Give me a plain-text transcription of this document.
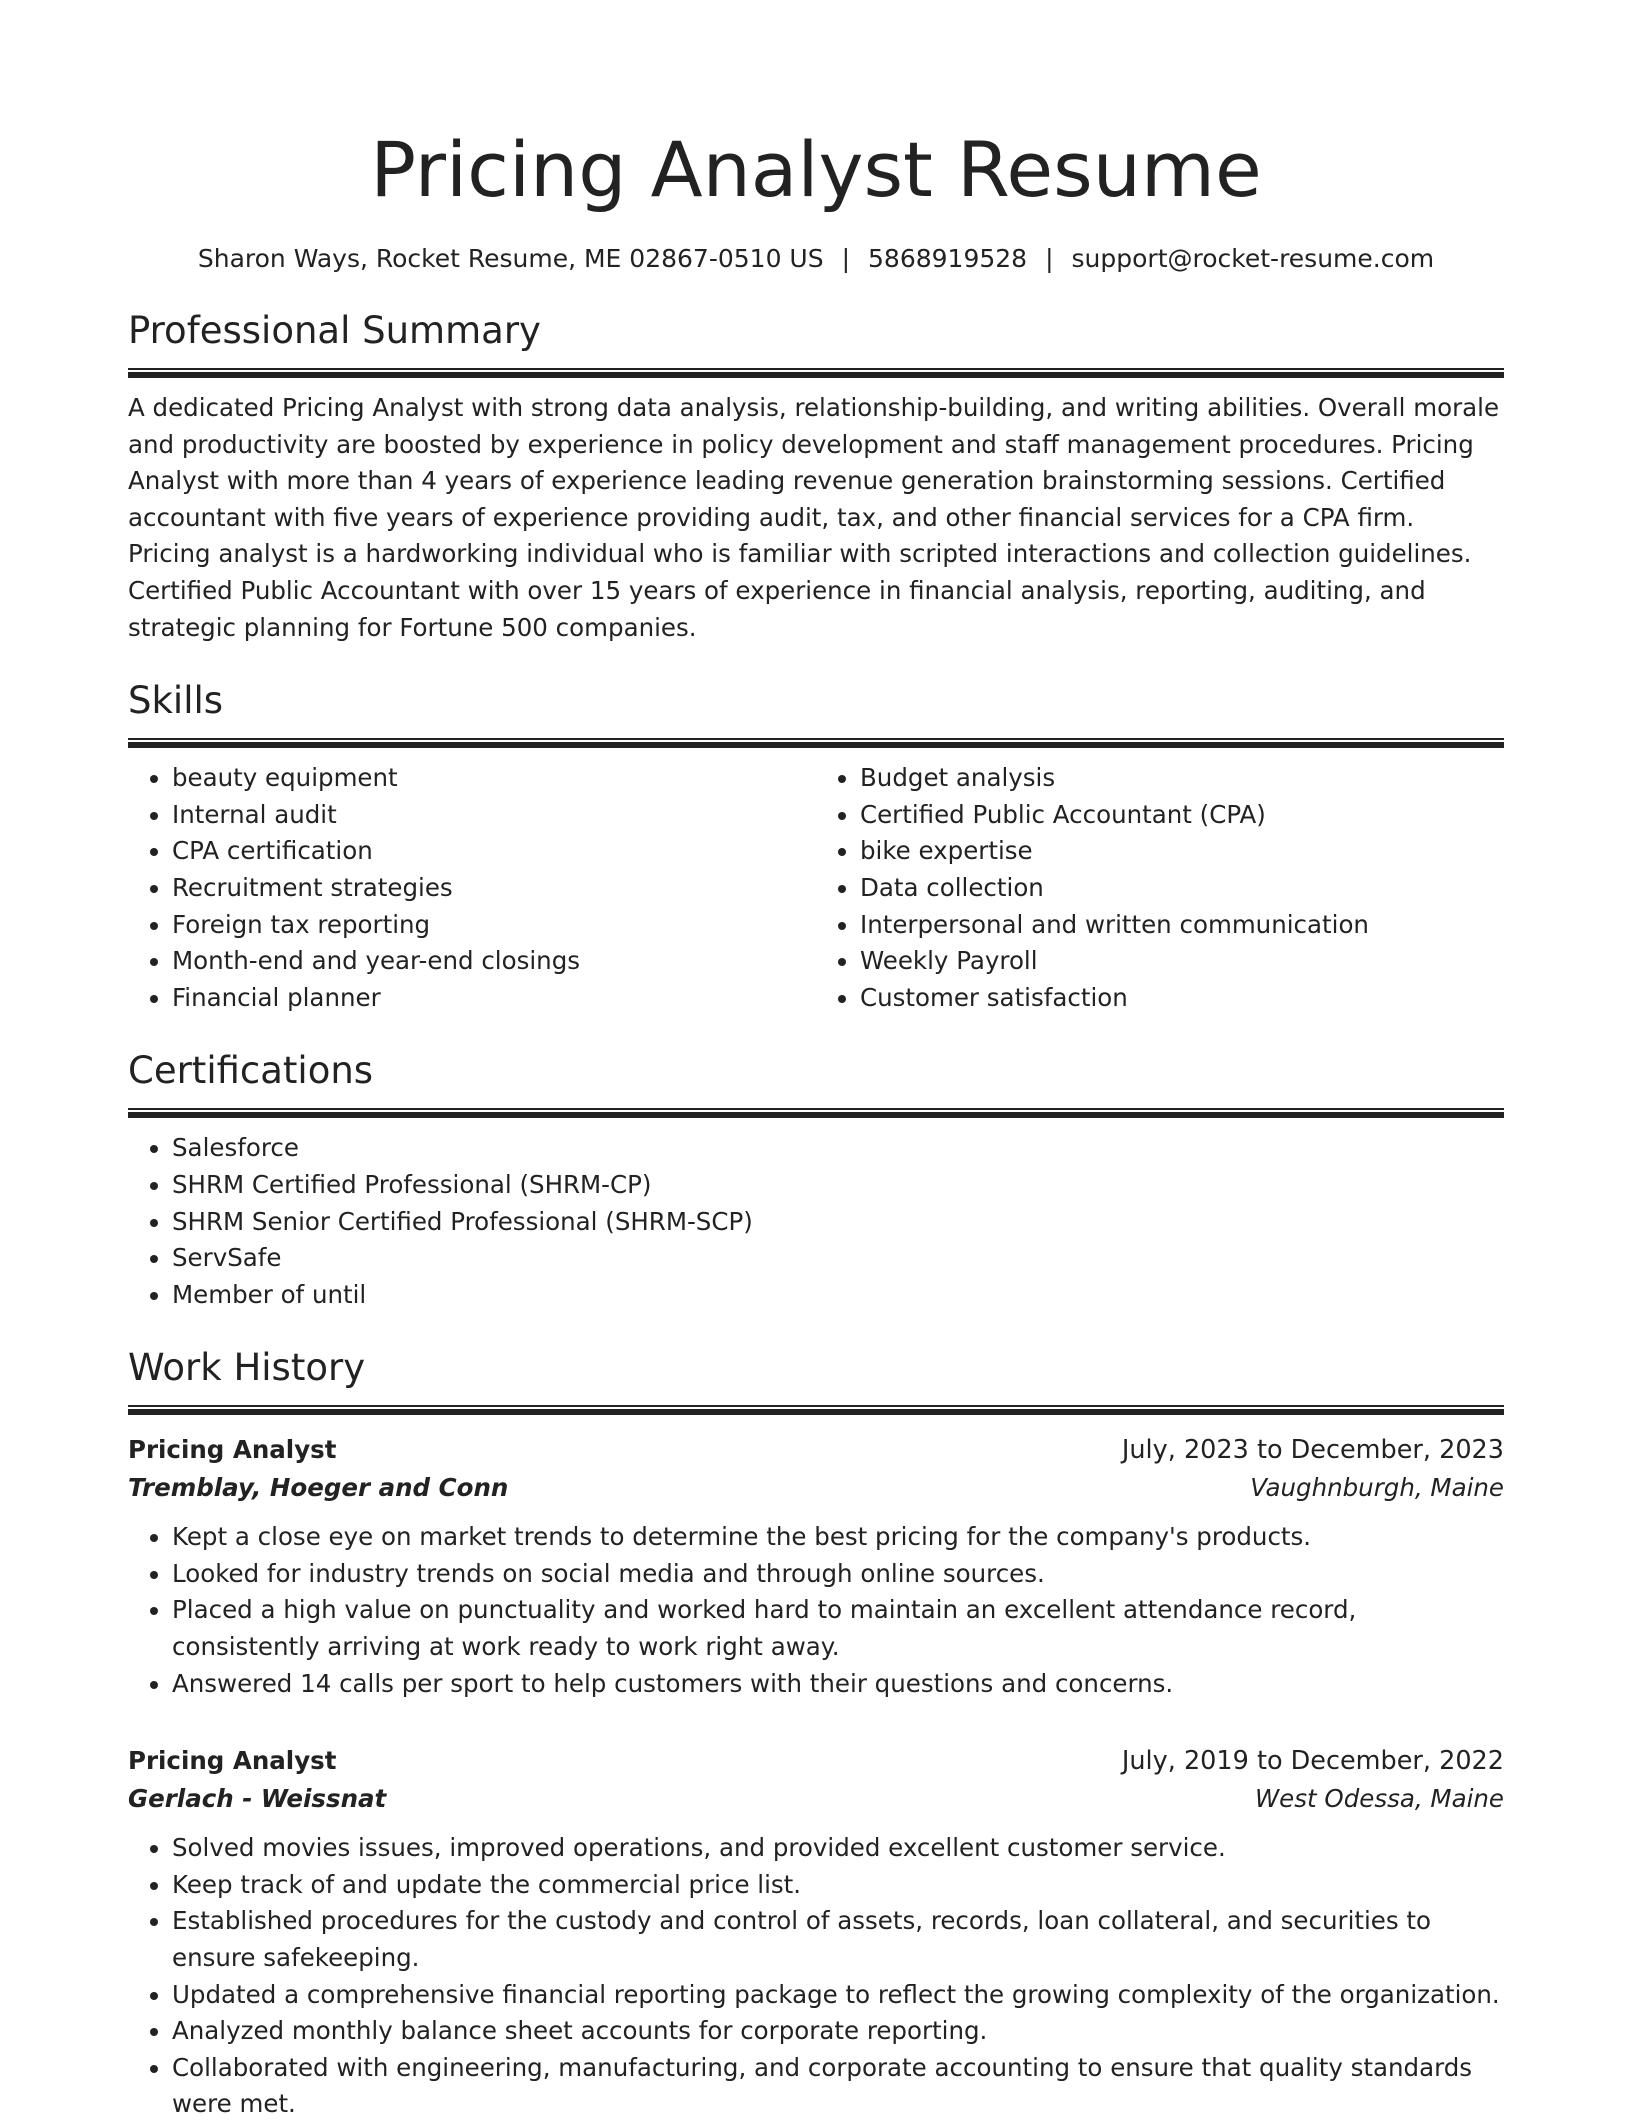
Pricing Analyst Resume
Sharon Ways, Rocket Resume, ME 02867-0510 US | 5868919528 | support@rocket-resume.com
Professional Summary
A dedicated Pricing Analyst with strong data analysis, relationship-building, and writing abilities. Overall morale and productivity are boosted by experience in policy development and staff management procedures. Pricing Analyst with more than 4 years of experience leading revenue generation brainstorming sessions. Certified accountant with five years of experience providing audit, tax, and other financial services for a CPA firm. Pricing analyst is a hardworking individual who is familiar with scripted interactions and collection guidelines. Certified Public Accountant with over 15 years of experience in financial analysis, reporting, auditing, and strategic planning for Fortune 500 companies.
Skills
• beauty equipment
• Internal audit
• CPA certification
• Recruitment strategies
• Foreign tax reporting
• Month-end and year-end closings
• Financial planner
• Budget analysis
• Certified Public Accountant (CPA)
• bike expertise
• Data collection
• Interpersonal and written communication
• Weekly Payroll
• Customer satisfaction
Certifications
• Salesforce
• SHRM Certified Professional (SHRM-CP)
• SHRM Senior Certified Professional (SHRM-SCP)
• ServSafe
• Member of until
Work History
Pricing Analyst	July, 2023 to December, 2023
Tremblay, Hoeger and Conn	Vaughnburgh, Maine
• Kept a close eye on market trends to determine the best pricing for the company's products.
• Looked for industry trends on social media and through online sources.
• Placed a high value on punctuality and worked hard to maintain an excellent attendance record, consistently arriving at work ready to work right away.
• Answered 14 calls per sport to help customers with their questions and concerns.
Pricing Analyst	July, 2019 to December, 2022
Gerlach - Weissnat	West Odessa, Maine
• Solved movies issues, improved operations, and provided excellent customer service.
• Keep track of and update the commercial price list.
• Established procedures for the custody and control of assets, records, loan collateral, and securities to ensure safekeeping.
• Updated a comprehensive financial reporting package to reflect the growing complexity of the organization.
• Analyzed monthly balance sheet accounts for corporate reporting.
• Collaborated with engineering, manufacturing, and corporate accounting to ensure that quality standards were met.
